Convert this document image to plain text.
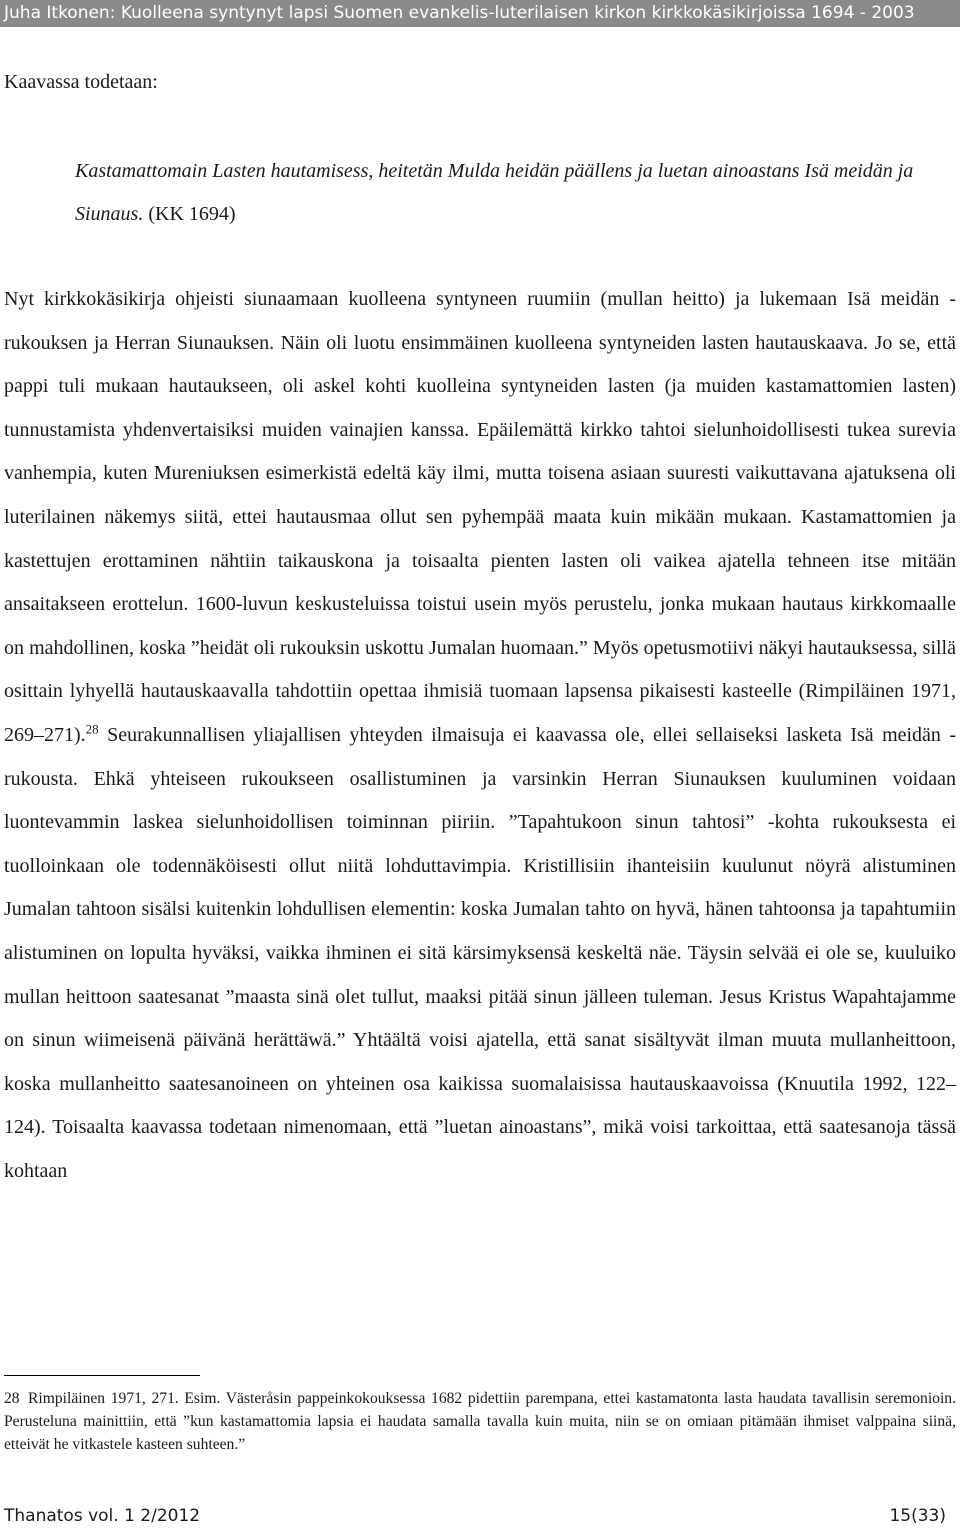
Juha Itkonen: Kuolleena syntynyt lapsi Suomen evankelis-luterilaisen kirkon kirkkokäsikirjoissa 1694 - 2003

Kaavassa todetaan:

Kastamattomain Lasten hautamisess, heitetän Mulda heidän päällens ja luetan ainoastans Isä meidän ja Siunaus. (KK 1694)

Nyt kirkkokäsikirja ohjeisti siunaamaan kuolleena syntyneen ruumiin (mullan heitto) ja lukemaan Isä meidän -rukouksen ja Herran Siunauksen. Näin oli luotu ensimmäinen kuolleena syntyneiden lasten hautauskaava. Jo se, että pappi tuli mukaan hautaukseen, oli askel kohti kuolleina syntyneiden lasten (ja muiden kastamattomien lasten) tunnustamista yhdenvertaisiksi muiden vainajien kanssa. Epäilemättä kirkko tahtoi sielunhoidollisesti tukea surevia vanhempia, kuten Mureniuksen esimerkistä edeltä käy ilmi, mutta toisena asiaan suuresti vaikuttavana ajatuksena oli luterilainen näkemys siitä, ettei hautausmaa ollut sen pyhempää maata kuin mikään mukaan. Kastamattomien ja kastettujen erottaminen nähtiin taikauskona ja toisaalta pienten lasten oli vaikea ajatella tehneen itse mitään ansaitakseen erottelun. 1600-luvun keskusteluissa toistui usein myös perustelu, jonka mukaan hautaus kirkkomaalle on mahdollinen, koska ”heidät oli rukouksin uskottu Jumalan huomaan.” Myös opetusmotiivi näkyi hautauksessa, sillä osittain lyhyellä hautauskaavalla tahdottiin opettaa ihmisiä tuomaan lapsensa pikaisesti kasteelle (Rimpiläinen 1971, 269–271).$^{28}$ Seurakunnallisen yliajallisen yhteyden ilmaisuja ei kaavassa ole, ellei sellaiseksi lasketa Isä meidän -rukousta. Ehkä yhteiseen rukoukseen osallistuminen ja varsinkin Herran Siunauksen kuuluminen voidaan luontevammin laskea sielunhoidollisen toiminnan piiriin. ”Tapahtukoon sinun tahtosi” -kohta rukouksesta ei tuolloinkaan ole todennäköisesti ollut niitä lohduttavimpia. Kristillisiin ihanteisiin kuulunut nöyrä alistuminen Jumalan tahtoon sisälsi kuitenkin lohdullisen elementin: koska Jumalan tahto on hyvä, hänen tahtoonsa ja tapahtumiin alistuminen on lopulta hyväksi, vaikka ihminen ei sitä kärsimyksensä keskeltä näe. Täysin selvää ei ole se, kuuluiko mullan heittoon saatesanat ”maasta sinä olet tullut, maaksi pitää sinun jälleen tuleman. Jesus Kristus Wapahtajamme on sinun wiimeisenä päivänä herättäwä.” Yhtäältä voisi ajatella, että sanat sisältyvät ilman muuta mullanheittoon, koska mullanheitto saatesanoineen on yhteinen osa kaikissa suomalaisissa hautauskaavoissa (Knuutila 1992, 122–124). Toisaalta kaavassa todetaan nimenomaan, että ”luetan ainoastans”, mikä voisi tarkoittaa, että saatesanoja tässä kohtaan

28 Rimpiläinen 1971, 271. Esim. Västeråsin pappeinkokouksessa 1682 pidettiin parempana, ettei kastamatonta lasta haudata tavallisin seremonioin. Perusteluna mainittiin, että ”kun kastamattomia lapsia ei haudata samalla tavalla kuin muita, niin se on omiaan pitämään ihmiset valppaina siinä, etteivät he vitkastele kasteen suhteen.”

Thanatos vol. 1 2/2012	15(33)
